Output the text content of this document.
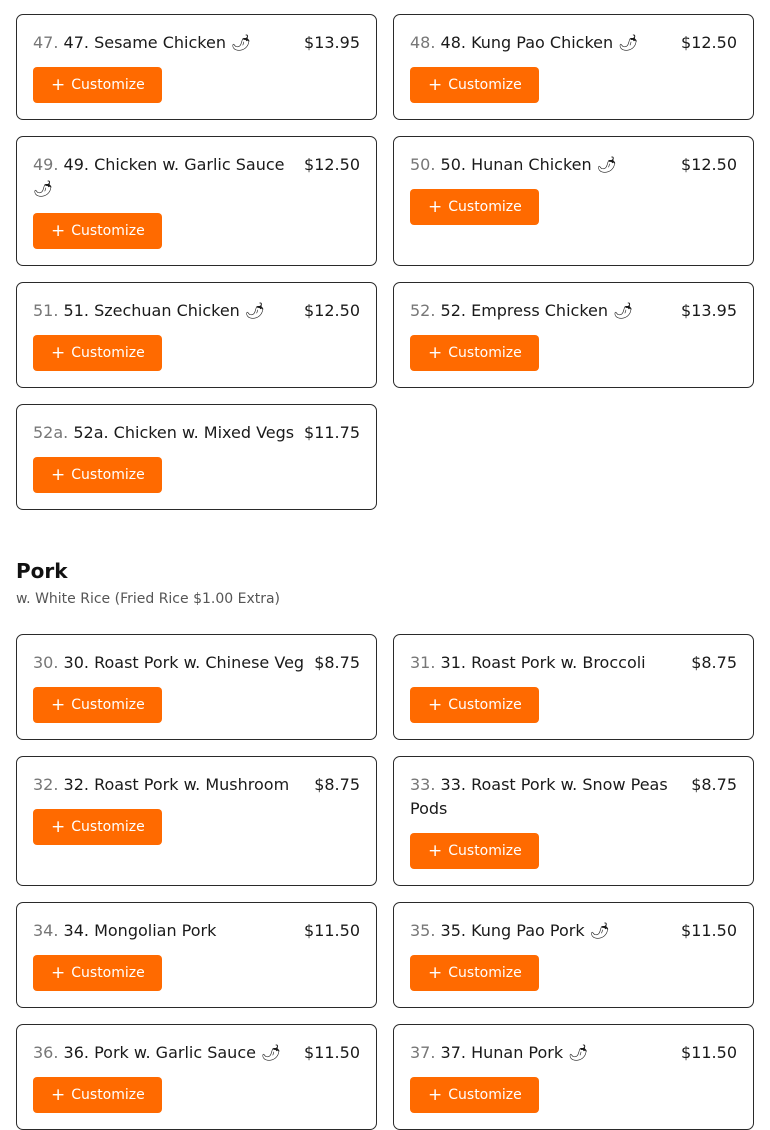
47. 47. Sesame Chicken 🌶	$13.95
+ Customize
48. 48. Kung Pao Chicken 🌶	$12.50
+ Customize
49. 49. Chicken w. Garlic Sauce 🌶
$12.50
+ Customize
50. 50. Hunan Chicken 🌶	$12.50
+ Customize
51. 51. Szechuan Chicken 🌶	$12.50
+ Customize
52. 52. Empress Chicken 🌶	$13.95
+ Customize
52a. 52a. Chicken w. Mixed Vegs $11.75
+ Customize
Pork

w. White Rice (Fried Rice $1.00 Extra)

30. 30. Roast Pork w. Chinese Veg $8.75
+ Customize
31. 31. Roast Pork w. Broccoli	$8.75
+ Customize
32. 32. Roast Pork w. Mushroom	$8.75
+ Customize
33. 33. Roast Pork w. Snow Peas Pods
$8.75
+ Customize
34. 34. Mongolian Pork	$11.50
+ Customize
35. 35. Kung Pao Pork 🌶	$11.50
+ Customize
36. 36. Pork w. Garlic Sauce 🌶	$11.50
+ Customize
37. 37. Hunan Pork 🌶	$11.50
+ Customize
